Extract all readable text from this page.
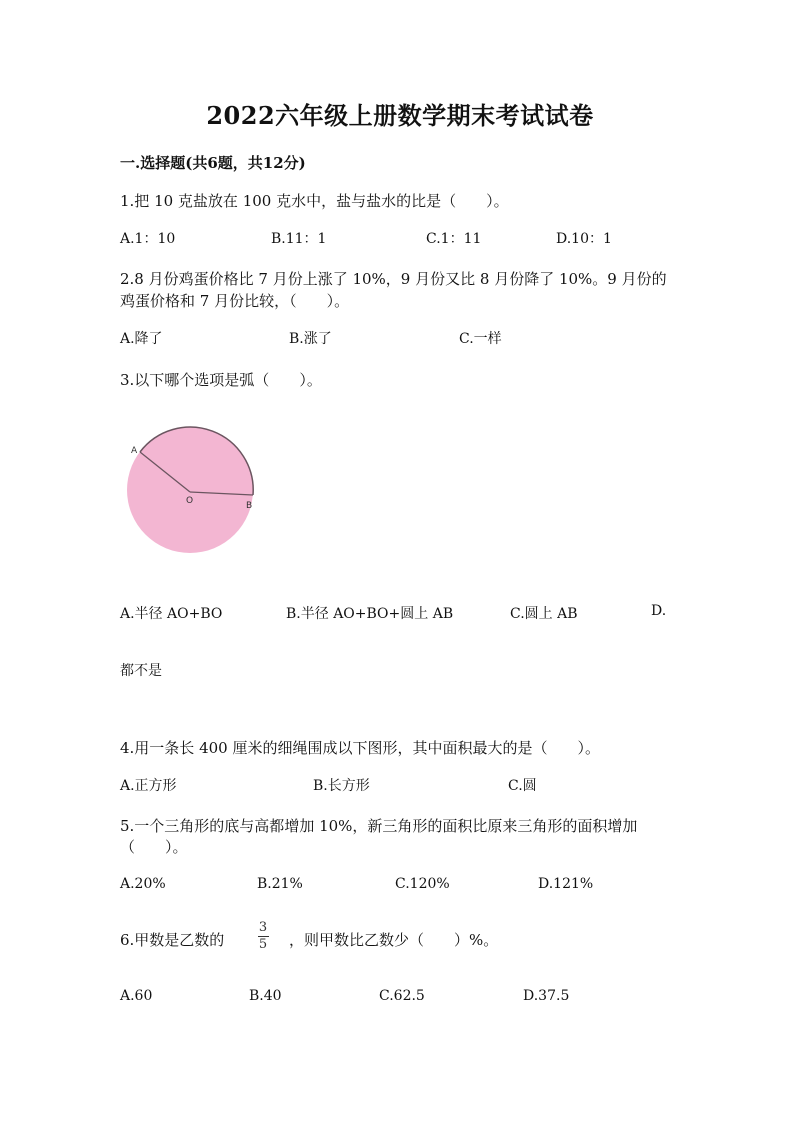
2022六年级上册数学期末考试试卷
一.选择题(共6题，共12分)
1.把 10 克盐放在 100 克水中，盐与盐水的比是（　　）。
A.1：10	B.11：1	C.1：11	D.10：1
2.8 月份鸡蛋价格比 7 月份上涨了 10%，9 月份又比 8 月份降了 10%。9 月份的
鸡蛋价格和 7 月份比较，（　　）。
A.降了	B.涨了	C.一样
3.以下哪个选项是弧（　　）。
A
O	B
A.半径 AO+BO	B.半径 AO+BO+圆上 AB	C.圆上 AB	D.
都不是
4.用一条长 400 厘米的细绳围成以下图形，其中面积最大的是（　　）。
A.正方形	B.长方形	C.圆
5.一个三角形的底与高都增加 10%，新三角形的面积比原来三角形的面积增加
（　　）。
A.20%	B.21%	C.120%	D.121%
6.甲数是乙数的
3
5 ，则甲数比乙数少（　　）%。
A.60	B.40	C.62.5	D.37.5
